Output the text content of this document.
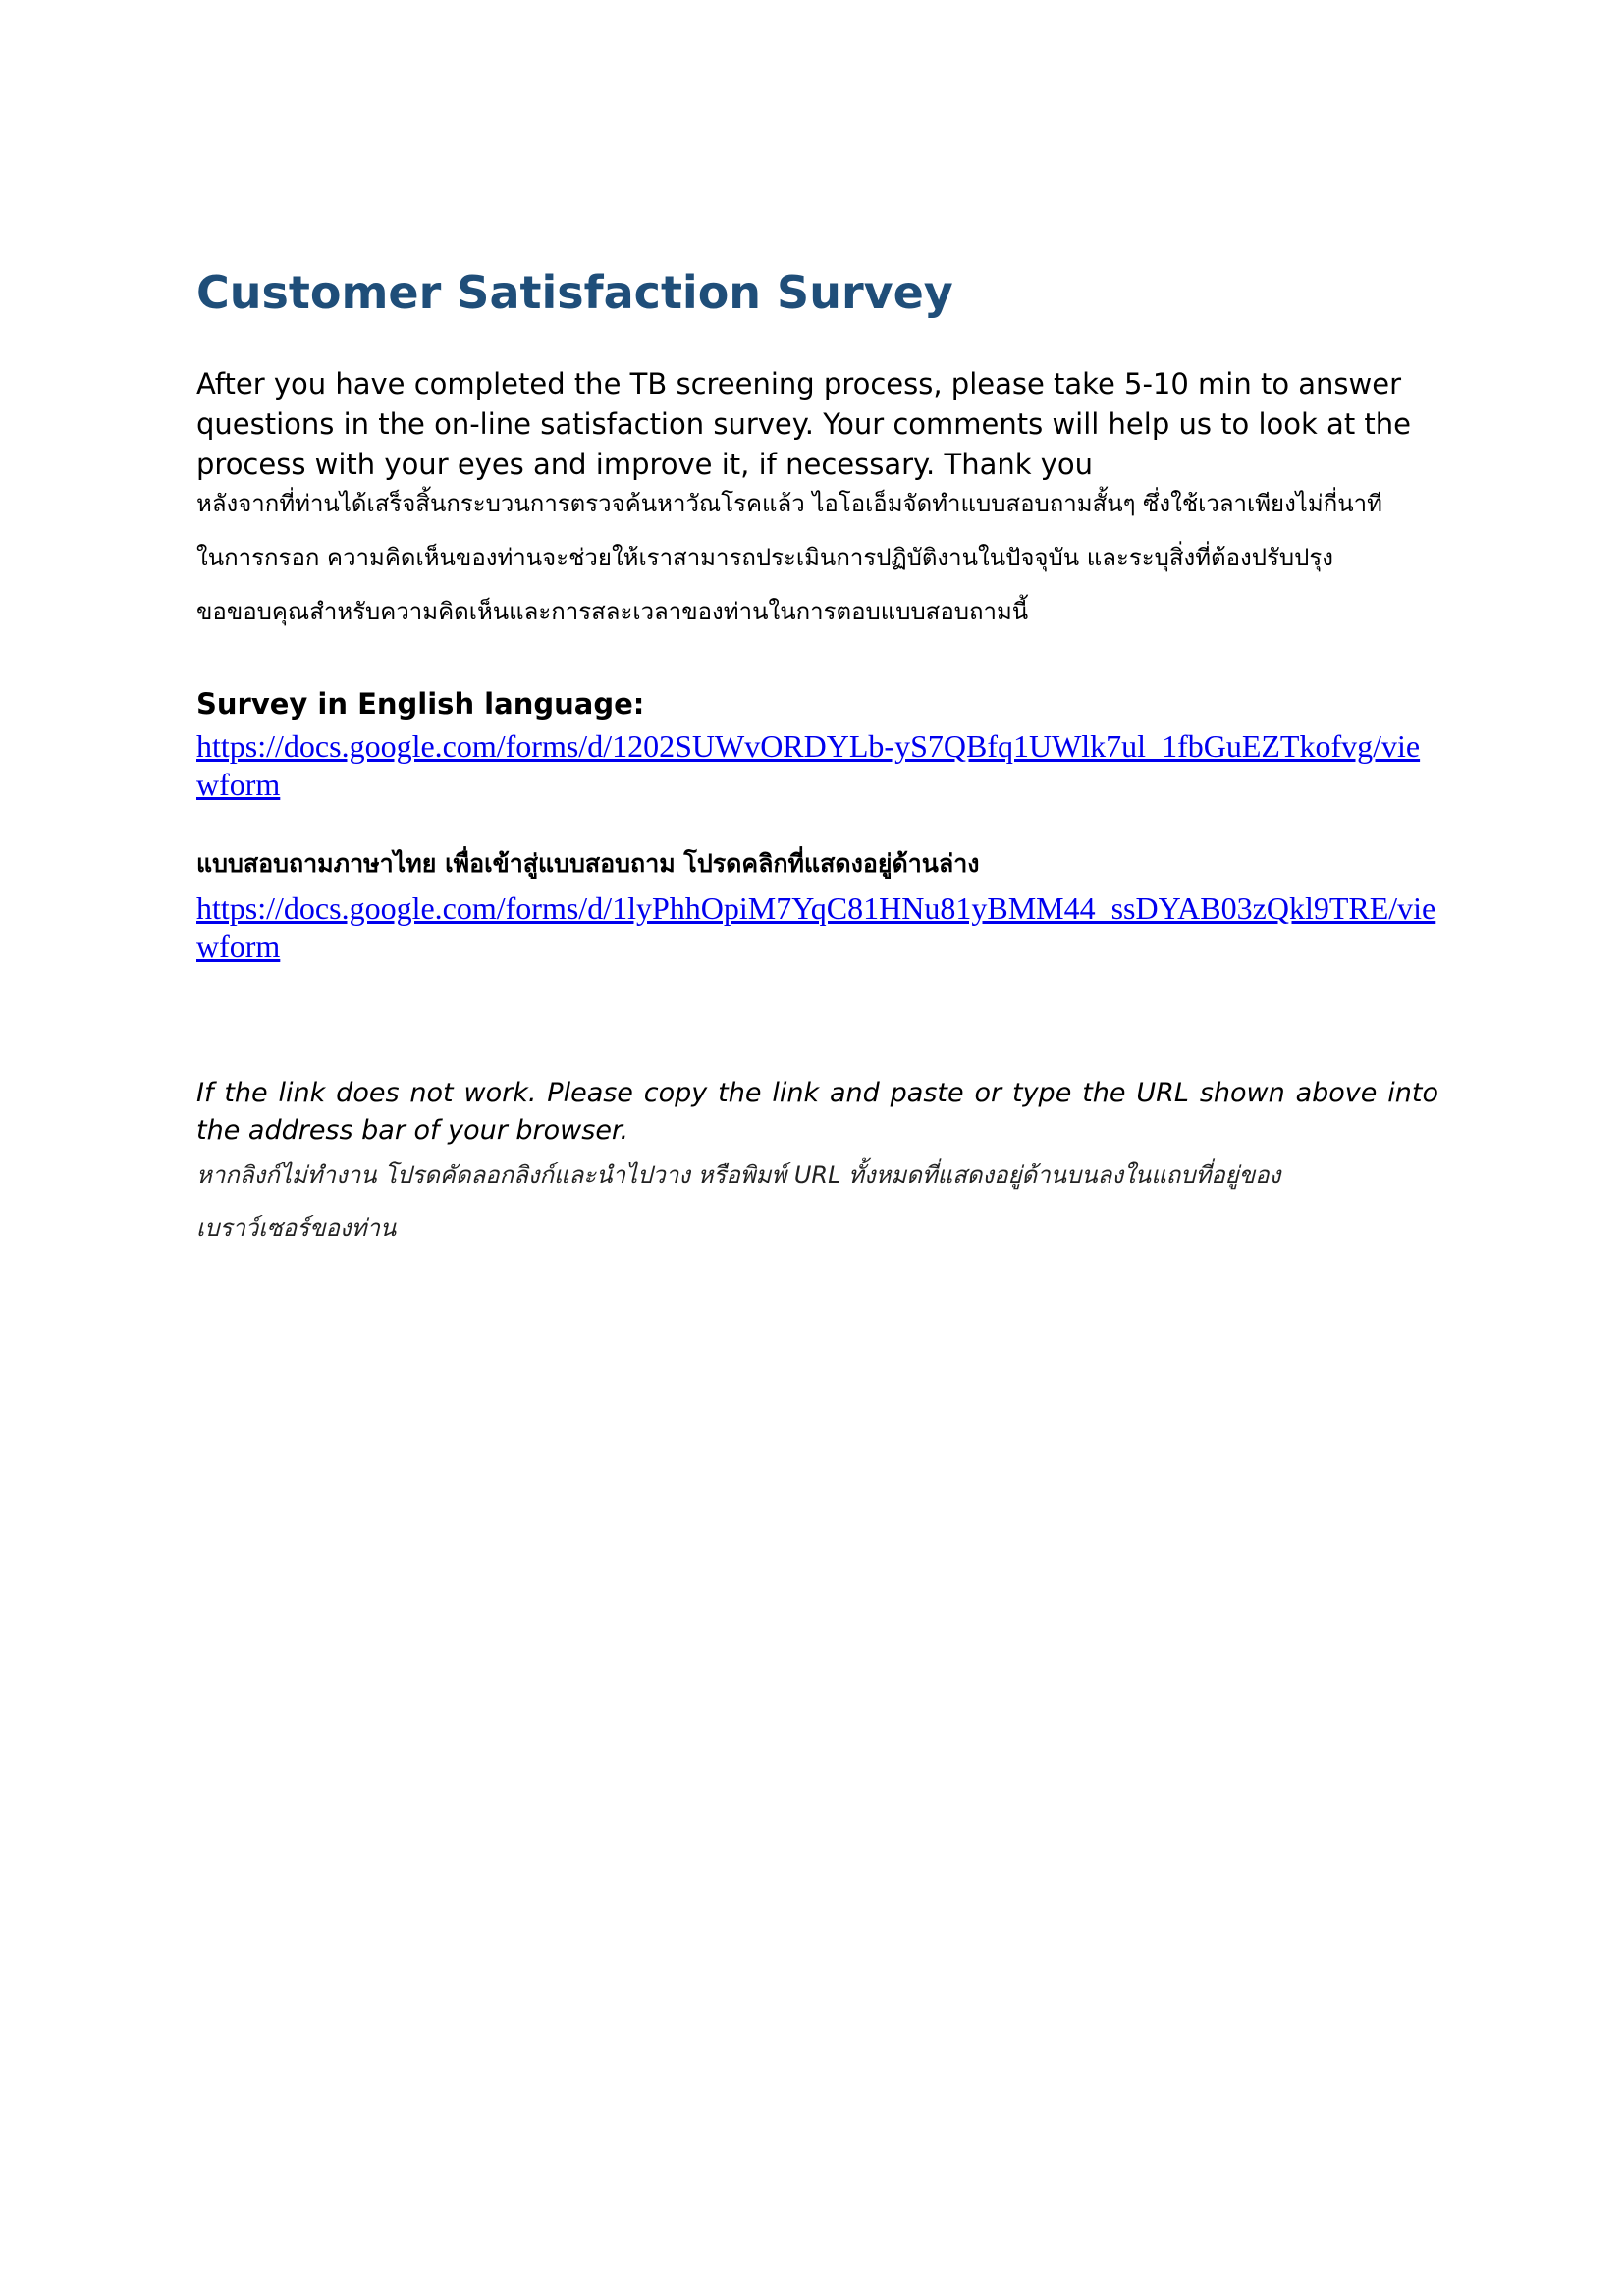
Customer Satisfaction Survey

After you have completed the TB screening process, please take 5-10 min to answer questions in the on-line satisfaction survey. Your comments will help us to look at the process with your eyes and improve it, if necessary. Thank you

หลังจากที่ท่านได้เสร็จสิ้นกระบวนการตรวจค้นหาวัณโรคแล้ว ไอโอเอ็มจัดทำแบบสอบถามสั้นๆ ซึ่งใช้เวลาเพียงไม่กี่นาที
ในการกรอก ความคิดเห็นของท่านจะช่วยให้เราสามารถประเมินการปฏิบัติงานในปัจจุบัน และระบุสิ่งที่ต้องปรับปรุง
ขอขอบคุณสำหรับความคิดเห็นและการสละเวลาของท่านในการตอบแบบสอบถามนี้
Survey in English language:
https://docs.google.com/forms/d/1202SUWvORDYLb-yS7QBfq1UWlk7ul_1fbGuEZTkofvg/viewform
แบบสอบถามภาษาไทย เพื่อเข้าสู่แบบสอบถาม โปรดคลิกที่แสดงอยู่ด้านล่าง
https://docs.google.com/forms/d/1lyPhhOpiM7YqC81HNu81yBMM44_ssDYAB03zQkl9TRE/viewform
If the link does not work. Please copy the link and paste or type the URL shown above into the address bar of your browser.
หากลิงก์ไม่ทำงาน โปรดคัดลอกลิงก์และนำไปวาง หรือพิมพ์ URL ทั้งหมดที่แสดงอยู่ด้านบนลงในแถบที่อยู่ของ
เบราว์เซอร์ของท่าน
